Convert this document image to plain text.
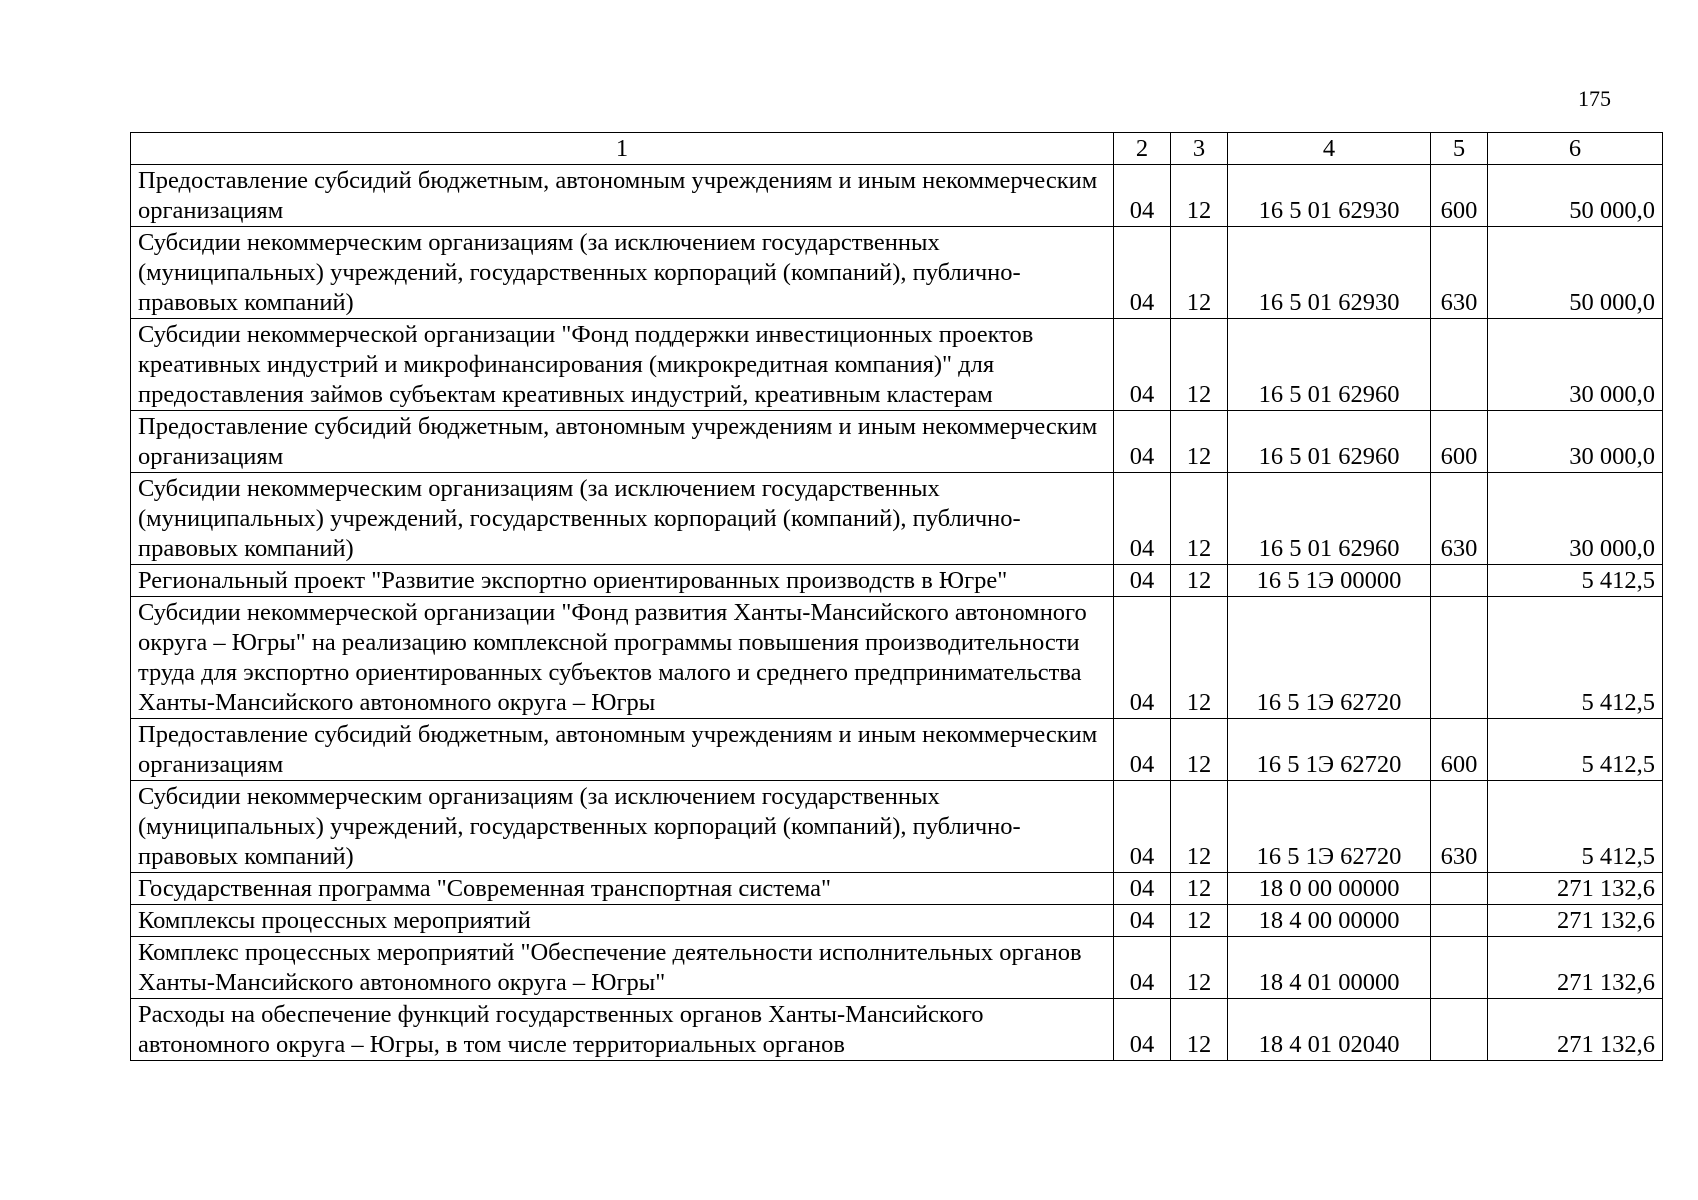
175
1	2	3	4	5	6
Предоставление субсидий бюджетным, автономным учреждениям и иным некоммерческим организациям	04	12	16 5 01 62930	600	50 000,0
Субсидии некоммерческим организациям (за исключением государственных (муниципальных) учреждений, государственных корпораций (компаний), публично-правовых компаний)	04	12	16 5 01 62930	630	50 000,0
Субсидии некоммерческой организации "Фонд поддержки инвестиционных проектов креативных индустрий и микрофинансирования (микрокредитная компания)" для предоставления займов субъектам креативных индустрий, креативным кластерам	04	12	16 5 01 62960		30 000,0
Предоставление субсидий бюджетным, автономным учреждениям и иным некоммерческим организациям	04	12	16 5 01 62960	600	30 000,0
Субсидии некоммерческим организациям (за исключением государственных (муниципальных) учреждений, государственных корпораций (компаний), публично-правовых компаний)	04	12	16 5 01 62960	630	30 000,0
Региональный проект "Развитие экспортно ориентированных производств в Югре"	04	12	16 5 1Э 00000		5 412,5
Субсидии некоммерческой организации "Фонд развития Ханты-Мансийского автономного округа – Югры" на реализацию комплексной программы повышения производительности труда для экспортно ориентированных субъектов малого и среднего предпринимательства Ханты-Мансийского автономного округа – Югры	04	12	16 5 1Э 62720		5 412,5
Предоставление субсидий бюджетным, автономным учреждениям и иным некоммерческим организациям	04	12	16 5 1Э 62720	600	5 412,5
Субсидии некоммерческим организациям (за исключением государственных (муниципальных) учреждений, государственных корпораций (компаний), публично-правовых компаний)	04	12	16 5 1Э 62720	630	5 412,5
Государственная программа "Современная транспортная система"	04	12	18 0 00 00000		271 132,6
Комплексы процессных мероприятий	04	12	18 4 00 00000		271 132,6
Комплекс процессных мероприятий "Обеспечение деятельности исполнительных органов Ханты-Мансийского автономного округа – Югры"	04	12	18 4 01 00000		271 132,6
Расходы на обеспечение функций государственных органов Ханты-Мансийского автономного округа – Югры, в том числе территориальных органов	04	12	18 4 01 02040		271 132,6
